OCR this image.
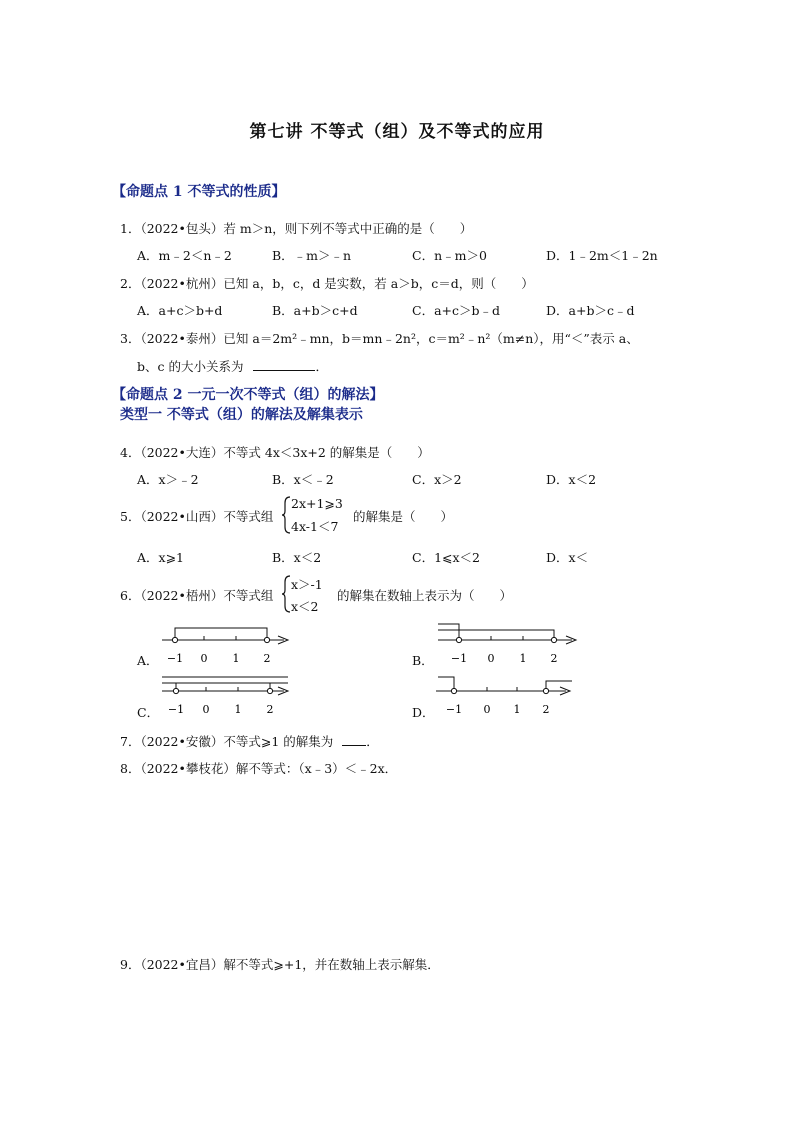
第七讲 不等式（组）及不等式的应用
【命题点 1 不等式的性质】
1．（2022•包头）若 m＞n，则下列不等式中正确的是（　　）
A．m﹣2＜n﹣2	B．﹣m＞﹣n	C．n﹣m＞0	D．1﹣2m＜1﹣2n
2．（2022•杭州）已知 a，b，c，d 是实数，若 a＞b，c＝d，则（　　）
A．a+c＞b+d	B．a+b＞c+d	C．a+c＞b﹣d	D．a+b＞c﹣d
3．（2022•泰州）已知 a＝2m²﹣mn，b＝mn﹣2n²，c＝m²﹣n²（m≠n），用“＜”表示 a、
b、c 的大小关系为	．
【命题点 2 一元一次不等式（组）的解法】
类型一 不等式（组）的解法及解集表示
4．（2022•大连）不等式 4x＜3x+2 的解集是（　　）
A．x＞﹣2	B．x＜﹣2	C．x＞2	D．x＜2
5．（2022•山西）不等式组
2x+1⩾3
4x-1＜7
的解集是（　　）
A．x⩾1	B．x＜2	C．1⩽x＜2	D．x＜
6．（2022•梧州）不等式组
x＞-1
x＜2
的解集在数轴上表示为（　　）
A． −1 0 1 2	B． −1 0 1 2
C． −1 0 1 2	D． −1 0 1 2
7．（2022•安徽）不等式⩾1 的解集为	．
8．（2022•攀枝花）解不等式：（x﹣3）＜﹣2x．
9．（2022•宜昌）解不等式⩾+1，并在数轴上表示解集．
